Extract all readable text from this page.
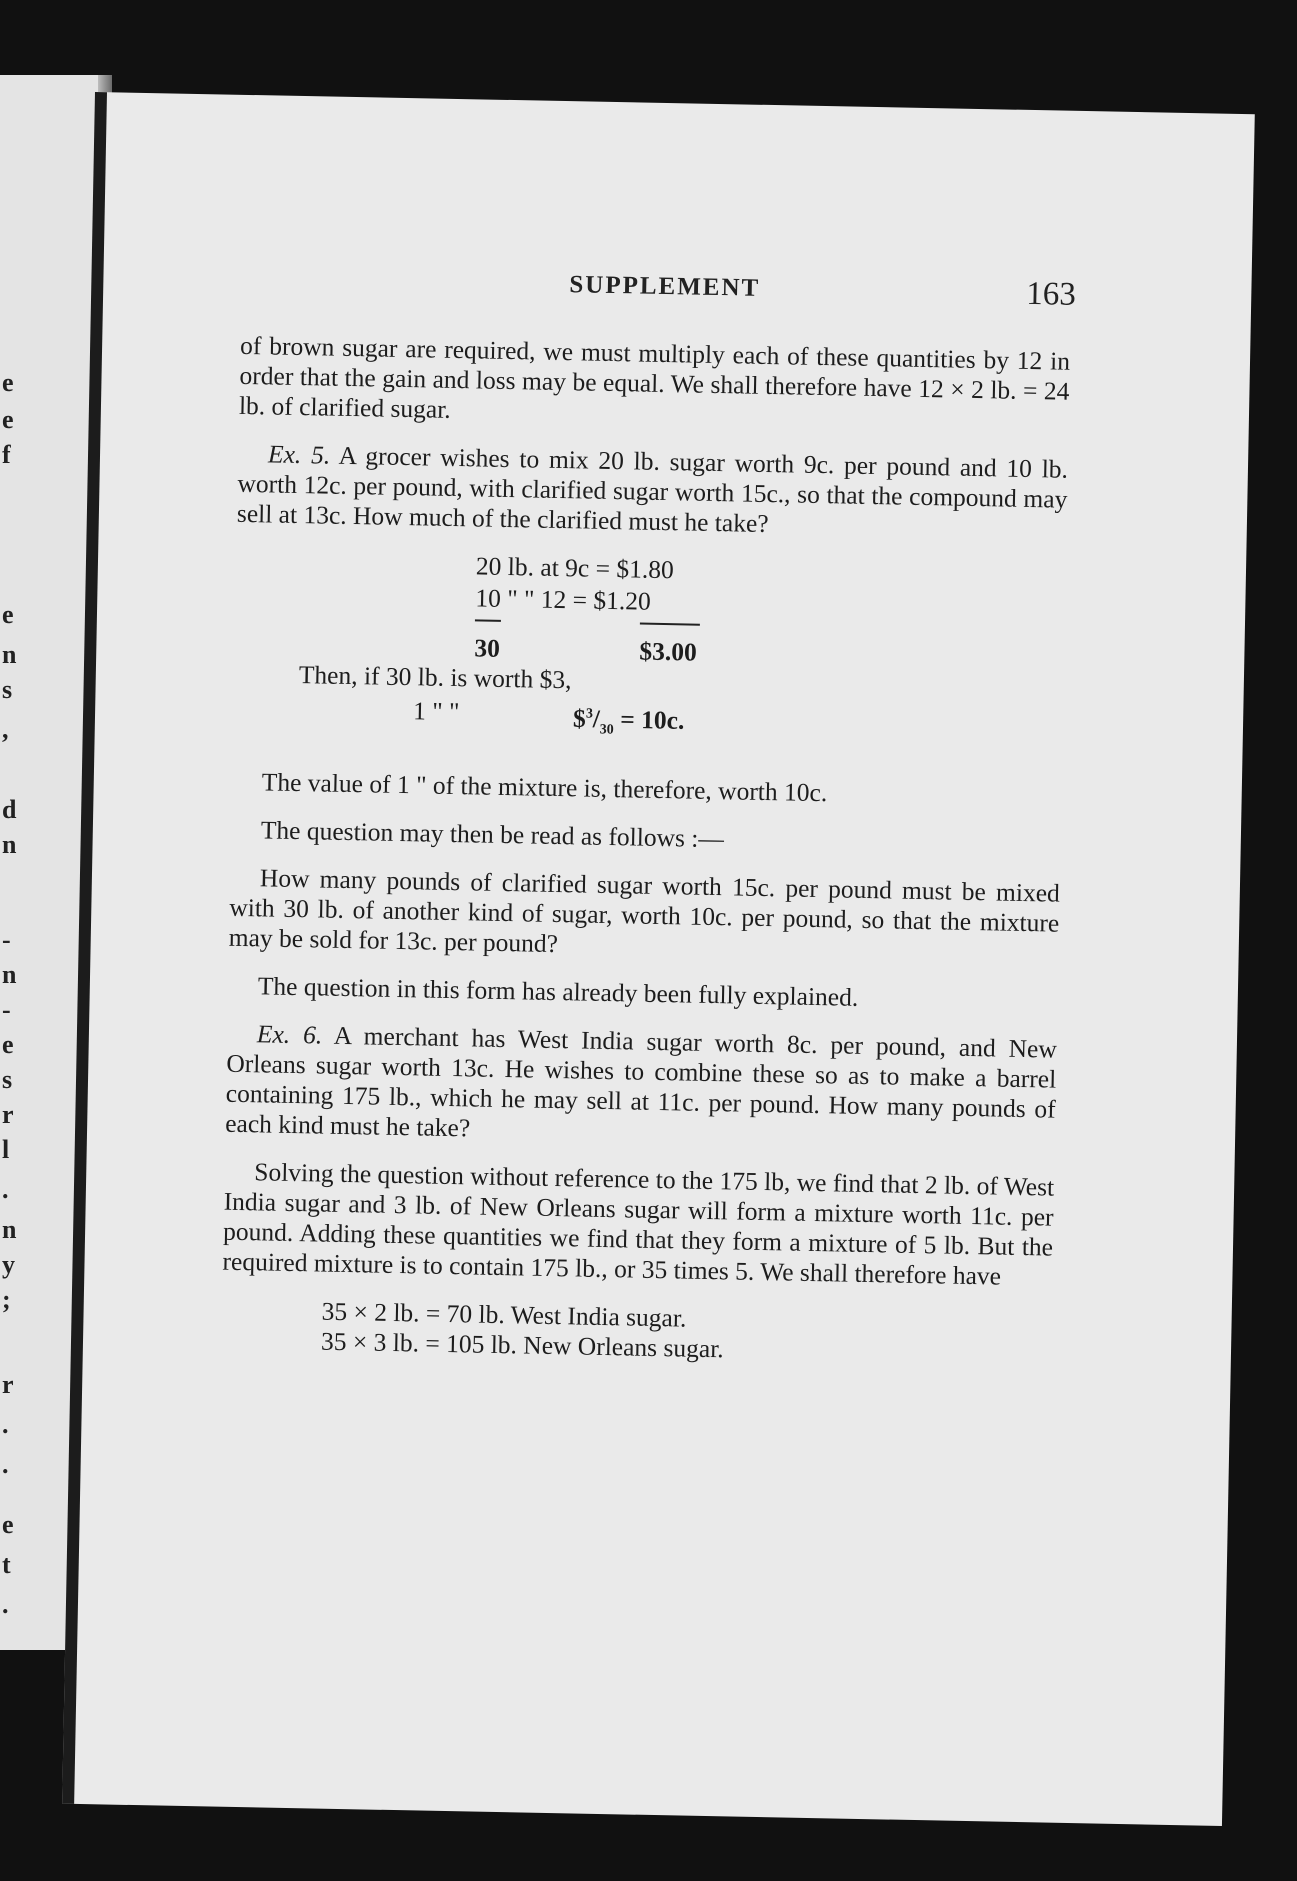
e
e
f
e
n
s
,
d
n
-
n
-
e
s
r
l
.
n
y
;
r
.
.
e
t
.
SUPPLEMENT	163

of brown sugar are required, we must multiply each of these quantities by 12 in order that the gain and loss may be equal. We shall therefore have 12 × 2 lb. = 24 lb. of clarified sugar.

Ex. 5. A grocer wishes to mix 20 lb. sugar worth 9c. per pound and 10 lb. worth 12c. per pound, with clarified sugar worth 15c., so that the compound may sell at 13c. How much of the clarified must he take?

20 lb. at 9c = $1.80
10 " " 12 = $1.20
30	$3.00
Then, if 30 lb. is worth $3,
1 " "	$\$^3/_{30} = 10c$.

The value of 1 " of the mixture is, therefore, worth 10c.

The question may then be read as follows :—

How many pounds of clarified sugar worth 15c. per pound must be mixed with 30 lb. of another kind of sugar, worth 10c. per pound, so that the mixture may be sold for 13c. per pound?

The question in this form has already been fully explained.

Ex. 6. A merchant has West India sugar worth 8c. per pound, and New Orleans sugar worth 13c. He wishes to combine these so as to make a barrel containing 175 lb., which he may sell at 11c. per pound. How many pounds of each kind must he take?

Solving the question without reference to the 175 lb, we find that 2 lb. of West India sugar and 3 lb. of New Orleans sugar will form a mixture worth 11c. per pound. Adding these quantities we find that they form a mixture of 5 lb. But the required mixture is to contain 175 lb., or 35 times 5. We shall therefore have

35 × 2 lb. = 70 lb. West India sugar.
35 × 3 lb. = 105 lb. New Orleans sugar.
